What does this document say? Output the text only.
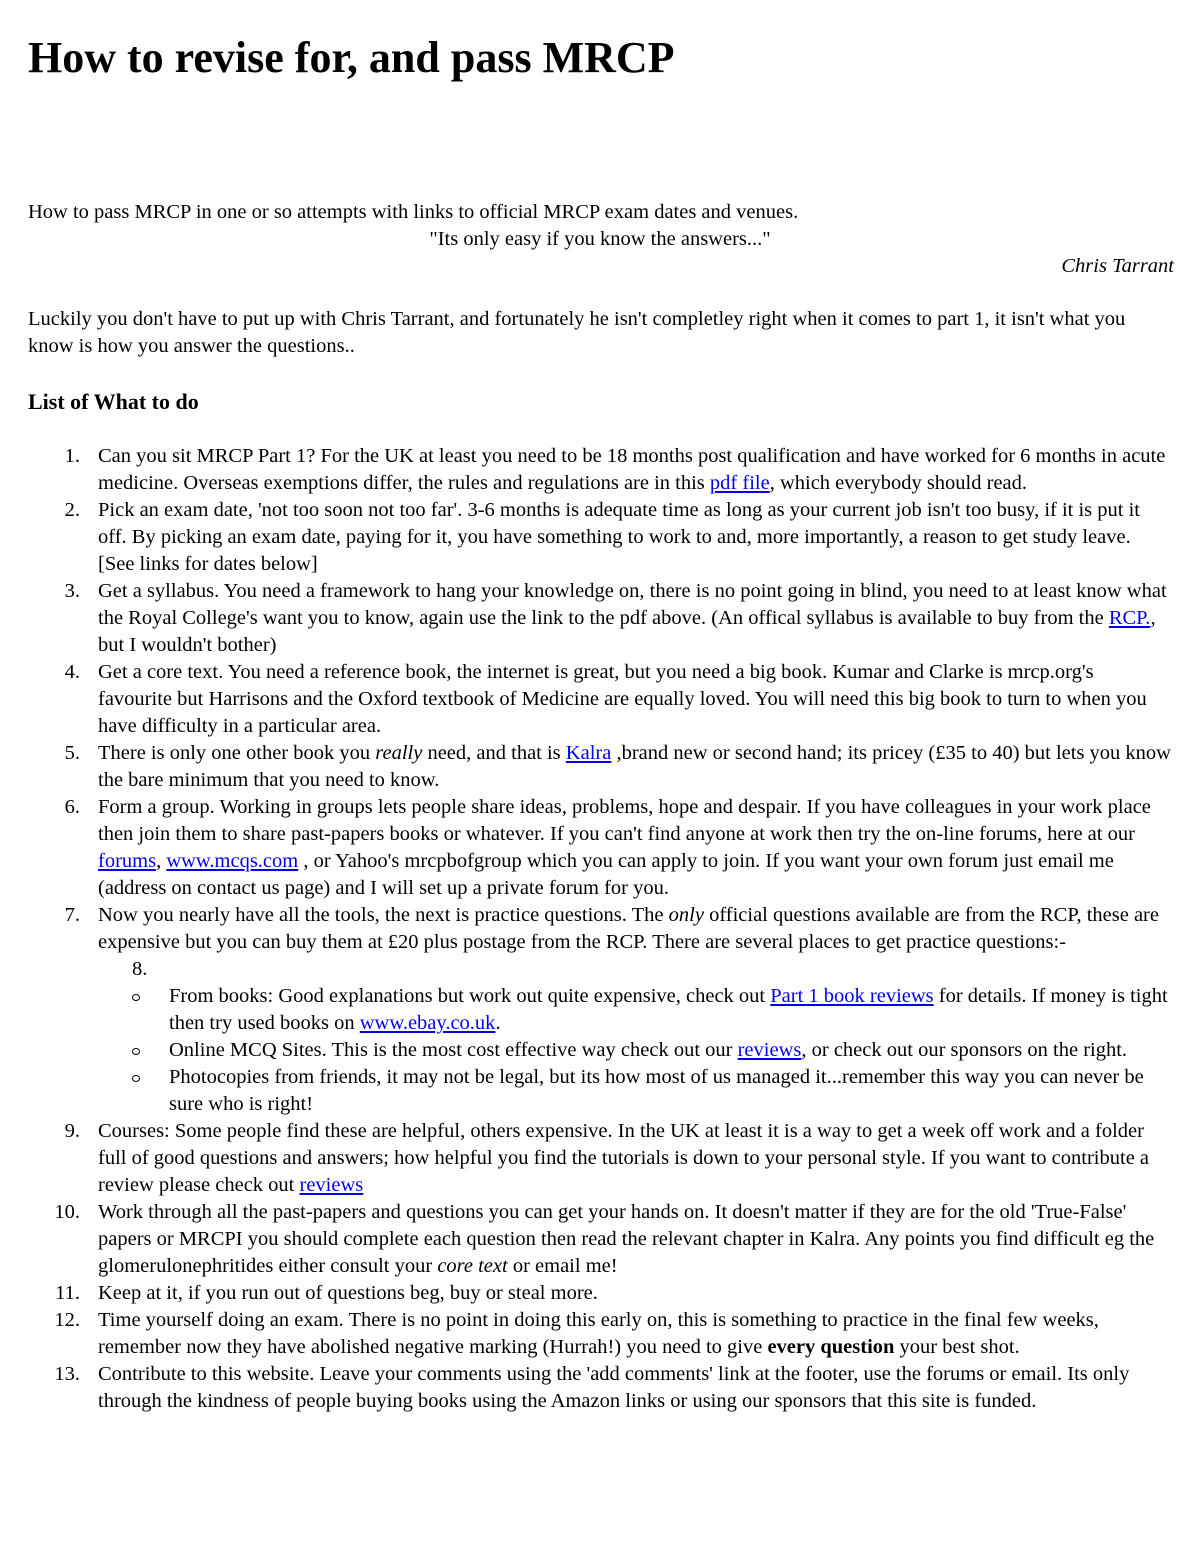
How to revise for, and pass MRCP
How to pass MRCP in one or so attempts with links to official MRCP exam dates and venues.
"Its only easy if you know the answers..."
Chris Tarrant
Luckily you don't have to put up with Chris Tarrant, and fortunately he isn't completley right when it comes to part 1, it isn't what you know is how you answer the questions..
List of What to do
1. Can you sit MRCP Part 1? For the UK at least you need to be 18 months post qualification and have worked for 6 months in acute medicine. Overseas exemptions differ, the rules and regulations are in this pdf file, which everybody should read.
2. Pick an exam date, 'not too soon not too far'. 3-6 months is adequate time as long as your current job isn't too busy, if it is put it off. By picking an exam date, paying for it, you have something to work to and, more importantly, a reason to get study leave. [See links for dates below]
3. Get a syllabus. You need a framework to hang your knowledge on, there is no point going in blind, you need to at least know what the Royal College's want you to know, again use the link to the pdf above. (An offical syllabus is available to buy from the RCP., but I wouldn't bother)
4. Get a core text. You need a reference book, the internet is great, but you need a big book. Kumar and Clarke is mrcp.org's favourite but Harrisons and the Oxford textbook of Medicine are equally loved. You will need this big book to turn to when you have difficulty in a particular area.
5. There is only one other book you really need, and that is Kalra ,brand new or second hand; its pricey (£35 to 40) but lets you know the bare minimum that you need to know.
6. Form a group. Working in groups lets people share ideas, problems, hope and despair. If you have colleagues in your work place then join them to share past-papers books or whatever. If you can't find anyone at work then try the on-line forums, here at our forums, www.mcqs.com , or Yahoo's mrcpbofgroup which you can apply to join. If you want your own forum just email me (address on contact us page) and I will set up a private forum for you.
7. Now you nearly have all the tools, the next is practice questions. The only official questions available are from the RCP, these are expensive but you can buy them at £20 plus postage from the RCP. There are several places to get practice questions:-
8.
From books: Good explanations but work out quite expensive, check out Part 1 book reviews for details. If money is tight then try used books on www.ebay.co.uk.
Online MCQ Sites. This is the most cost effective way check out our reviews, or check out our sponsors on the right.
Photocopies from friends, it may not be legal, but its how most of us managed it...remember this way you can never be sure who is right!
9. Courses: Some people find these are helpful, others expensive. In the UK at least it is a way to get a week off work and a folder full of good questions and answers; how helpful you find the tutorials is down to your personal style. If you want to contribute a review please check out reviews
10. Work through all the past-papers and questions you can get your hands on. It doesn't matter if they are for the old 'True-False' papers or MRCPI you should complete each question then read the relevant chapter in Kalra. Any points you find difficult eg the glomerulonephritides either consult your core text or email me!
11. Keep at it, if you run out of questions beg, buy or steal more.
12. Time yourself doing an exam. There is no point in doing this early on, this is something to practice in the final few weeks, remember now they have abolished negative marking (Hurrah!) you need to give every question your best shot.
13. Contribute to this website. Leave your comments using the 'add comments' link at the footer, use the forums or email. Its only through the kindness of people buying books using the Amazon links or using our sponsors that this site is funded.
